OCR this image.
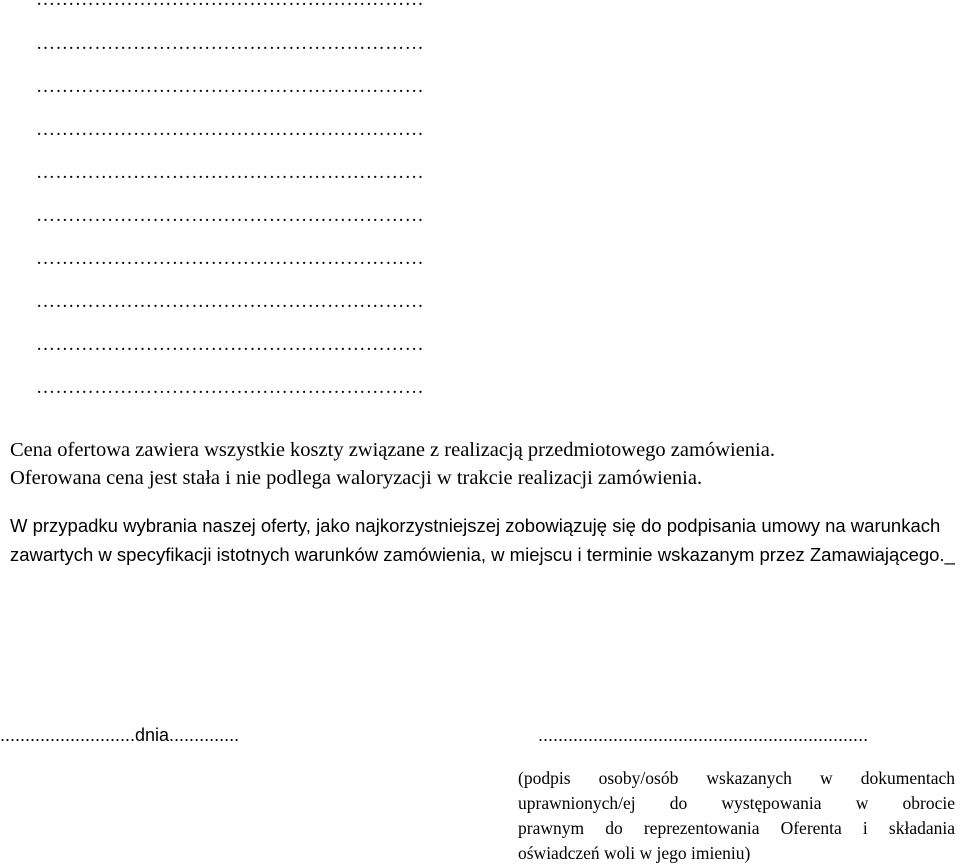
……………………………………………………
……………………………………………………
……………………………………………………
……………………………………………………
……………………………………………………
……………………………………………………
……………………………………………………
……………………………………………………
……………………………………………………
Cena ofertowa zawiera wszystkie koszty związane z realizacją przedmiotowego zamówienia.
Oferowana cena jest stała i nie podlega waloryzacji w trakcie realizacji zamówienia.

W przypadku wybrania naszej oferty, jako najkorzystniejszej zobowiązuję się do podpisania umowy na warunkach zawartych w specyfikacji istotnych warunków zamówienia, w miejscu i terminie wskazanym przez Zamawiającego._

...........................dnia..............	..................................................................
(podpis osoby/osób wskazanych w dokumentach
uprawnionych/ej do występowania w obrocie
prawnym do reprezentowania Oferenta i składania
oświadczeń woli w jego imieniu)
